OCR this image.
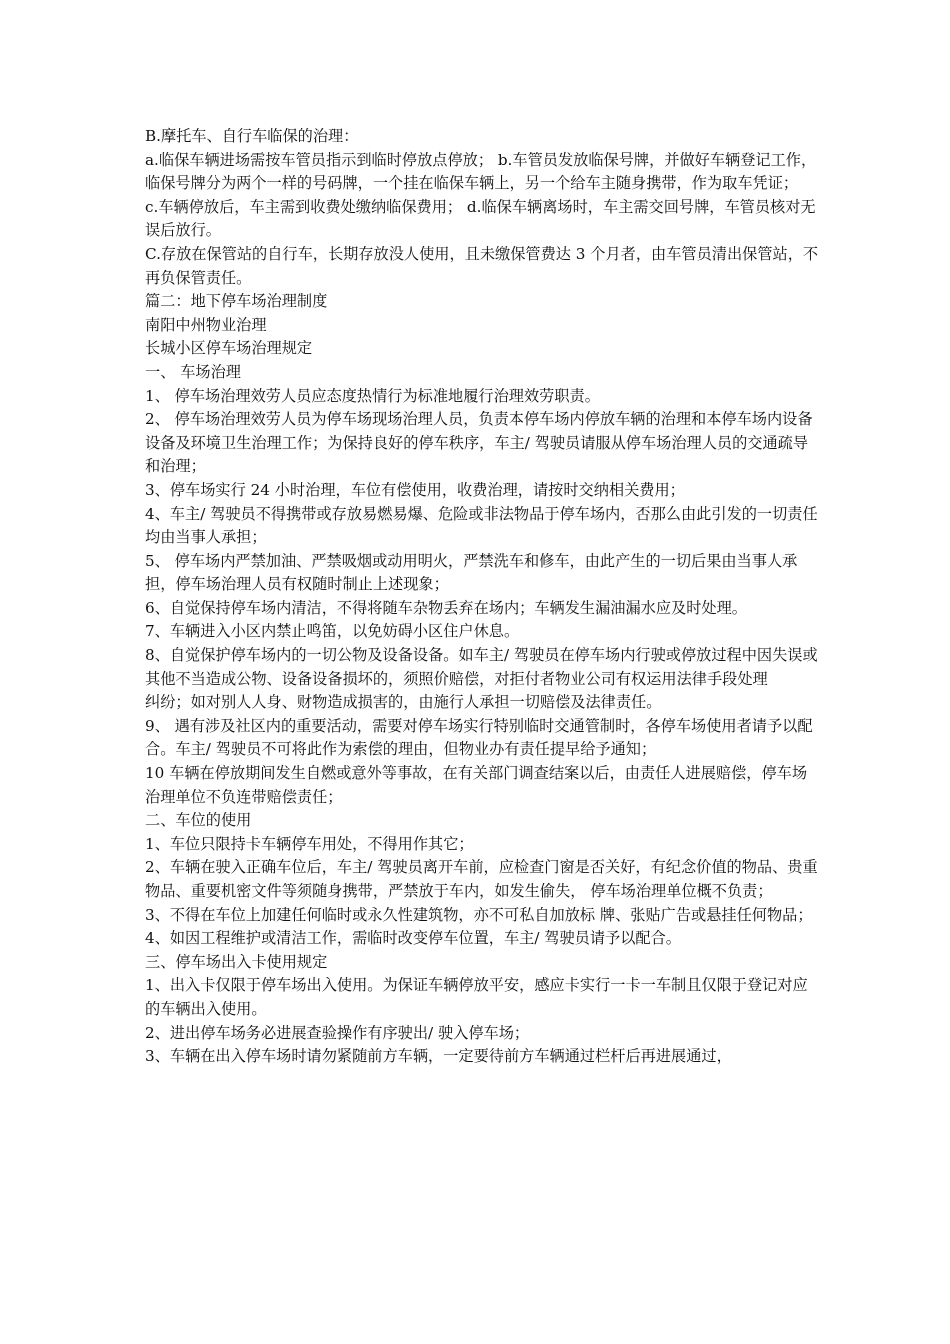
B.摩托车、自行车临保的治理：

a.临保车辆进场需按车管员指示到临时停放点停放； b.车管员发放临保号牌，并做好车辆登记工作，临保号牌分为两个一样的号码牌，一个挂在临保车辆上，另一个给车主随身携带，作为取车凭证；

c.车辆停放后，车主需到收费处缴纳临保费用； d.临保车辆离场时，车主需交回号牌，车管员核对无误后放行。

C.存放在保管站的自行车，长期存放没人使用，且未缴保管费达 3 个月者，由车管员清出保管站，不再负保管责任。

篇二：地下停车场治理制度

南阳中州物业治理

长城小区停车场治理规定

一、 车场治理

1、 停车场治理效劳人员应态度热情行为标准地履行治理效劳职责。

2、 停车场治理效劳人员为停车场现场治理人员，负责本停车场内停放车辆的治理和本停车场内设备设备及环境卫生治理工作；为保持良好的停车秩序，车主/ 驾驶员请服从停车场治理人员的交通疏导和治理；

3、停车场实行 24 小时治理，车位有偿使用，收费治理，请按时交纳相关费用；

4、车主/ 驾驶员不得携带或存放易燃易爆、危险或非法物品于停车场内，否那么由此引发的一切责任均由当事人承担；

5、 停车场内严禁加油、严禁吸烟或动用明火，严禁洗车和修车，由此产生的一切后果由当事人承担，停车场治理人员有权随时制止上述现象；

6、自觉保持停车场内清洁，不得将随车杂物丢弃在场内；车辆发生漏油漏水应及时处理。

7、车辆进入小区内禁止鸣笛，以免妨碍小区住户休息。

8、自觉保护停车场内的一切公物及设备设备。如车主/ 驾驶员在停车场内行驶或停放过程中因失误或其他不当造成公物、设备设备损坏的，须照价赔偿，对拒付者物业公司有权运用法律手段处理

纠纷；如对别人人身、财物造成损害的，由施行人承担一切赔偿及法律责任。

9、 遇有涉及社区内的重要活动，需要对停车场实行特别临时交通管制时，各停车场使用者请予以配合。车主/ 驾驶员不可将此作为索偿的理由，但物业办有责任提早给予通知；

10 车辆在停放期间发生自燃或意外等事故，在有关部门调查结案以后，由责任人进展赔偿，停车场治理单位不负连带赔偿责任；

二、车位的使用

1、车位只限持卡车辆停车用处，不得用作其它；

2、车辆在驶入正确车位后，车主/ 驾驶员离开车前，应检查门窗是否关好，有纪念价值的物品、贵重物品、重要机密文件等须随身携带，严禁放于车内，如发生偷失， 停车场治理单位概不负责；

3、不得在车位上加建任何临时或永久性建筑物，亦不可私自加放标 牌、张贴广告或悬挂任何物品；

4、如因工程维护或清洁工作，需临时改变停车位置，车主/ 驾驶员请予以配合。

三、停车场出入卡使用规定

1、出入卡仅限于停车场出入使用。为保证车辆停放平安，感应卡实行一卡一车制且仅限于登记对应的车辆出入使用。

2、进出停车场务必进展查验操作有序驶出/ 驶入停车场；

3、车辆在出入停车场时请勿紧随前方车辆，一定要待前方车辆通过栏杆后再进展通过，
